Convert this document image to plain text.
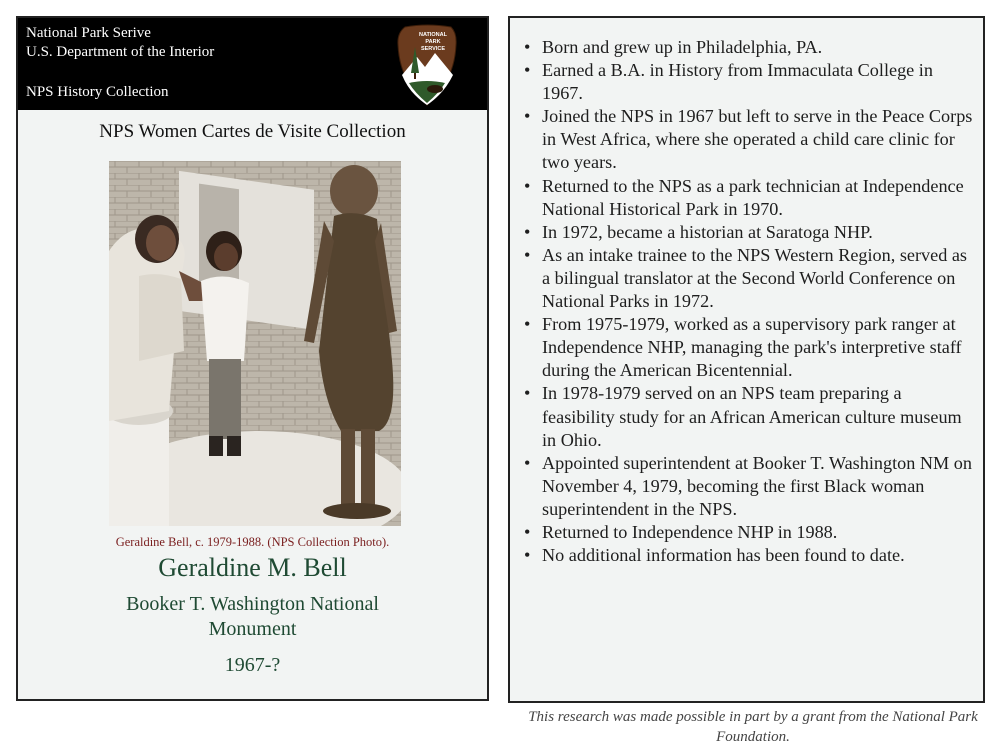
National Park Serive
U.S. Department of the Interior
NPS History Collection
NATIONAL
PARK
SERVICE
NPS Women Cartes de Visite Collection
Geraldine Bell, c. 1979-1988. (NPS Collection Photo).
Geraldine M. Bell
Booker T. Washington National Monument
1967-?
• Born and grew up in Philadelphia, PA.
• Earned a B.A. in History from Immaculata College in 1967.
• Joined the NPS in 1967 but left to serve in the Peace Corps in West Africa, where she operated a child care clinic for two years.
• Returned to the NPS as a park technician at Independence National Historical Park in 1970.
• In 1972, became a historian at Saratoga NHP.
• As an intake trainee to the NPS Western Region, served as a bilingual translator at the Second World Conference on National Parks in 1972.
• From 1975-1979, worked as a supervisory park ranger at Independence NHP, managing the park's interpretive staff during the American Bicentennial.
• In 1978-1979 served on an NPS team preparing a feasibility study for an African American culture museum in Ohio.
• Appointed superintendent at Booker T. Washington NM on November 4, 1979, becoming the first Black woman superintendent in the NPS.
• Returned to Independence NHP in 1988.
• No additional information has been found to date.
This research was made possible in part by a grant from the National Park Foundation.
